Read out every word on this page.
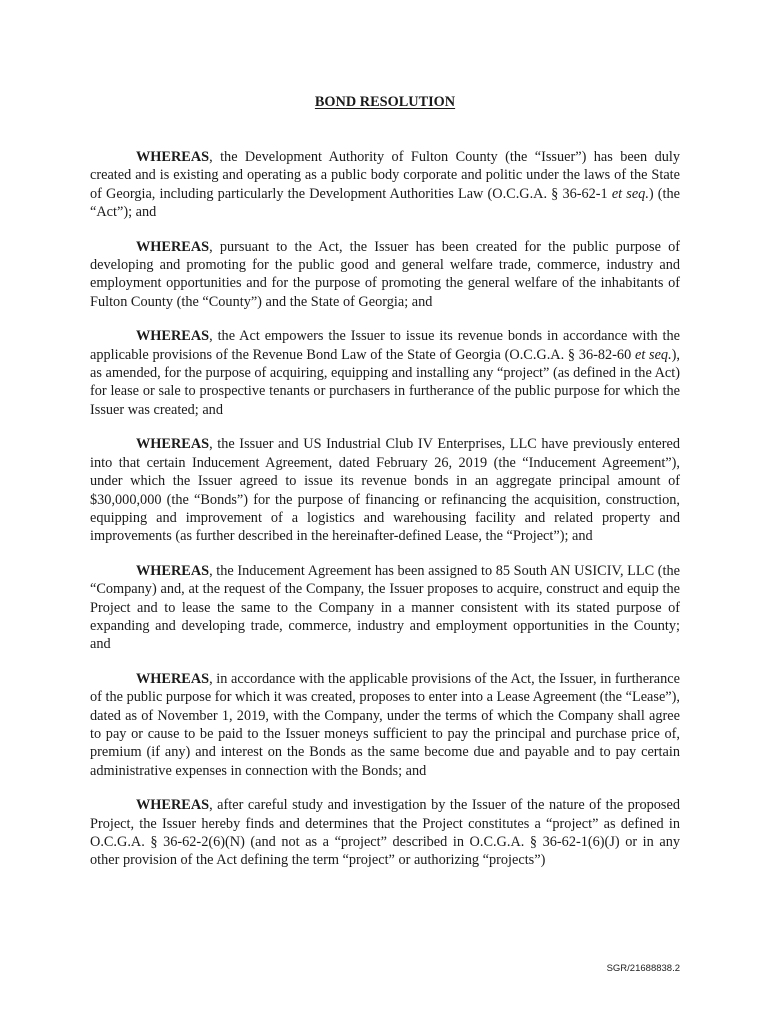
BOND RESOLUTION

WHEREAS, the Development Authority of Fulton County (the “Issuer”) has been duly created and is existing and operating as a public body corporate and politic under the laws of the State of Georgia, including particularly the Development Authorities Law (O.C.G.A. § 36-62-1 et seq.) (the “Act”); and

WHEREAS, pursuant to the Act, the Issuer has been created for the public purpose of developing and promoting for the public good and general welfare trade, commerce, industry and employment opportunities and for the purpose of promoting the general welfare of the inhabitants of Fulton County (the “County”) and the State of Georgia; and

WHEREAS, the Act empowers the Issuer to issue its revenue bonds in accordance with the applicable provisions of the Revenue Bond Law of the State of Georgia (O.C.G.A. § 36-82-60 et seq.), as amended, for the purpose of acquiring, equipping and installing any “project” (as defined in the Act) for lease or sale to prospective tenants or purchasers in furtherance of the public purpose for which the Issuer was created; and

WHEREAS, the Issuer and US Industrial Club IV Enterprises, LLC have previously entered into that certain Inducement Agreement, dated February 26, 2019 (the “Inducement Agreement”), under which the Issuer agreed to issue its revenue bonds in an aggregate principal amount of $30,000,000 (the “Bonds”) for the purpose of financing or refinancing the acquisition, construction, equipping and improvement of a logistics and warehousing facility and related property and improvements (as further described in the hereinafter-defined Lease, the “Project”); and

WHEREAS, the Inducement Agreement has been assigned to 85 South AN USICIV, LLC (the “Company) and, at the request of the Company, the Issuer proposes to acquire, construct and equip the Project and to lease the same to the Company in a manner consistent with its stated purpose of expanding and developing trade, commerce, industry and employment opportunities in the County; and

WHEREAS, in accordance with the applicable provisions of the Act, the Issuer, in furtherance of the public purpose for which it was created, proposes to enter into a Lease Agreement (the “Lease”), dated as of November 1, 2019, with the Company, under the terms of which the Company shall agree to pay or cause to be paid to the Issuer moneys sufficient to pay the principal and purchase price of, premium (if any) and interest on the Bonds as the same become due and payable and to pay certain administrative expenses in connection with the Bonds; and

WHEREAS, after careful study and investigation by the Issuer of the nature of the proposed Project, the Issuer hereby finds and determines that the Project constitutes a “project” as defined in O.C.G.A. § 36-62-2(6)(N) (and not as a “project” described in O.C.G.A. § 36-62-1(6)(J) or in any other provision of the Act defining the term “project” or authorizing “projects”)

SGR/21688838.2
